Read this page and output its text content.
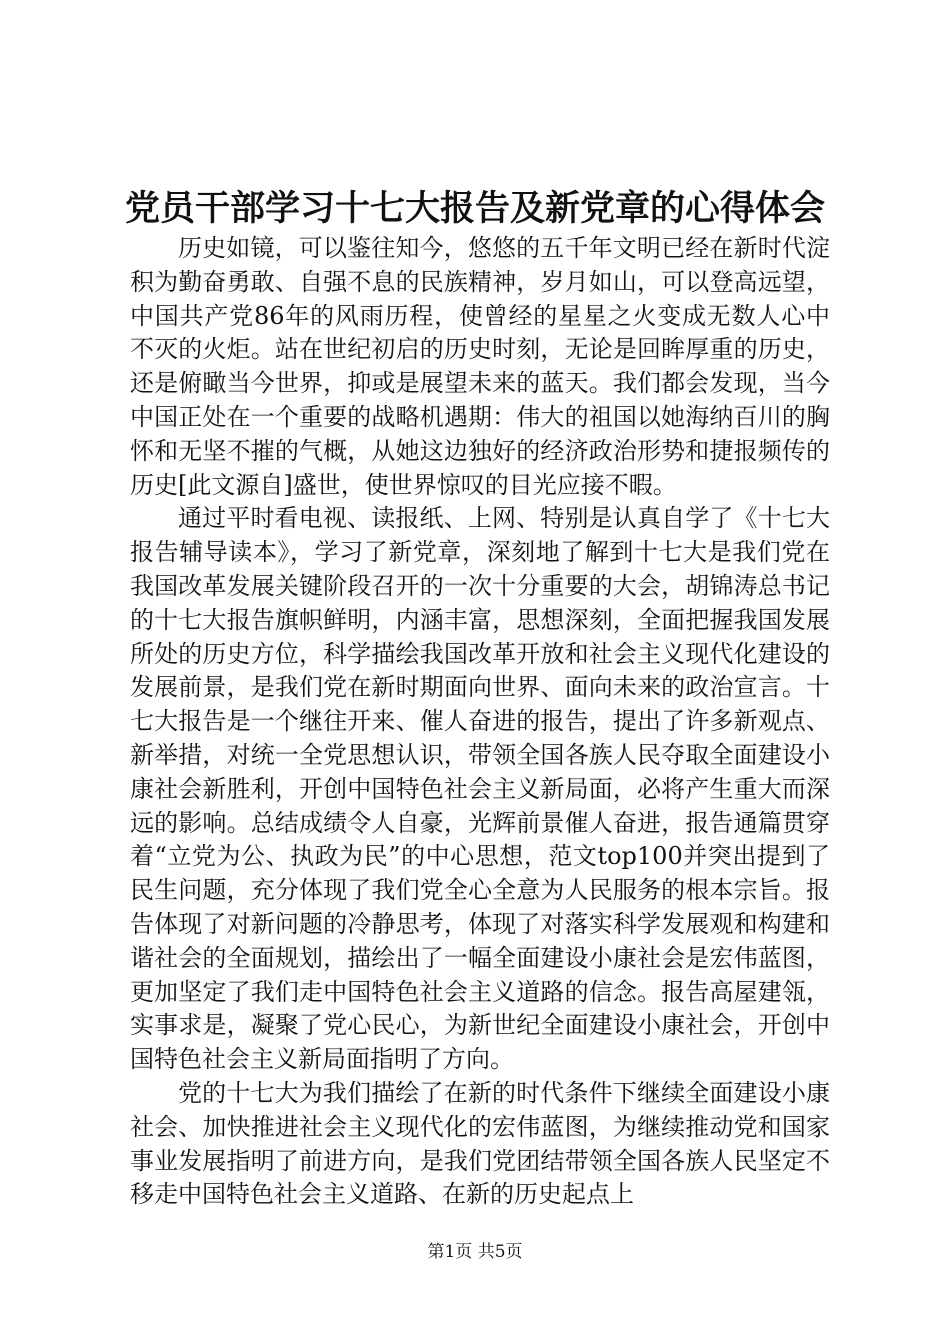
党员干部学习十七大报告及新党章的心得体会

历史如镜，可以鉴往知今，悠悠的五千年文明已经在新时代淀积为勤奋勇敢、自强不息的民族精神，岁月如山，可以登高远望，中国共产党86年的风雨历程，使曾经的星星之火变成无数人心中不灭的火炬。站在世纪初启的历史时刻，无论是回眸厚重的历史，还是俯瞰当今世界，抑或是展望未来的蓝天。我们都会发现，当今中国正处在一个重要的战略机遇期：伟大的祖国以她海纳百川的胸怀和无坚不摧的气概，从她这边独好的经济政治形势和捷报频传的历史[此文源自]盛世，使世界惊叹的目光应接不暇。

通过平时看电视、读报纸、上网、特别是认真自学了《十七大报告辅导读本》，学习了新党章，深刻地了解到十七大是我们党在我国改革发展关键阶段召开的一次十分重要的大会，胡锦涛总书记的十七大报告旗帜鲜明，内涵丰富，思想深刻，全面把握我国发展所处的历史方位，科学描绘我国改革开放和社会主义现代化建设的发展前景，是我们党在新时期面向世界、面向未来的政治宣言。十七大报告是一个继往开来、催人奋进的报告，提出了许多新观点、新举措，对统一全党思想认识，带领全国各族人民夺取全面建设小康社会新胜利，开创中国特色社会主义新局面，必将产生重大而深远的影响。总结成绩令人自豪，光辉前景催人奋进，报告通篇贯穿着“立党为公、执政为民”的中心思想，范文top100并突出提到了民生问题，充分体现了我们党全心全意为人民服务的根本宗旨。报告体现了对新问题的冷静思考，体现了对落实科学发展观和构建和谐社会的全面规划，描绘出了一幅全面建设小康社会是宏伟蓝图，更加坚定了我们走中国特色社会主义道路的信念。报告高屋建瓴，实事求是，凝聚了党心民心，为新世纪全面建设小康社会，开创中国特色社会主义新局面指明了方向。

党的十七大为我们描绘了在新的时代条件下继续全面建设小康社会、加快推进社会主义现代化的宏伟蓝图，为继续推动党和国家事业发展指明了前进方向，是我们党团结带领全国各族人民坚定不移走中国特色社会主义道路、在新的历史起点上

第1页 共5页
